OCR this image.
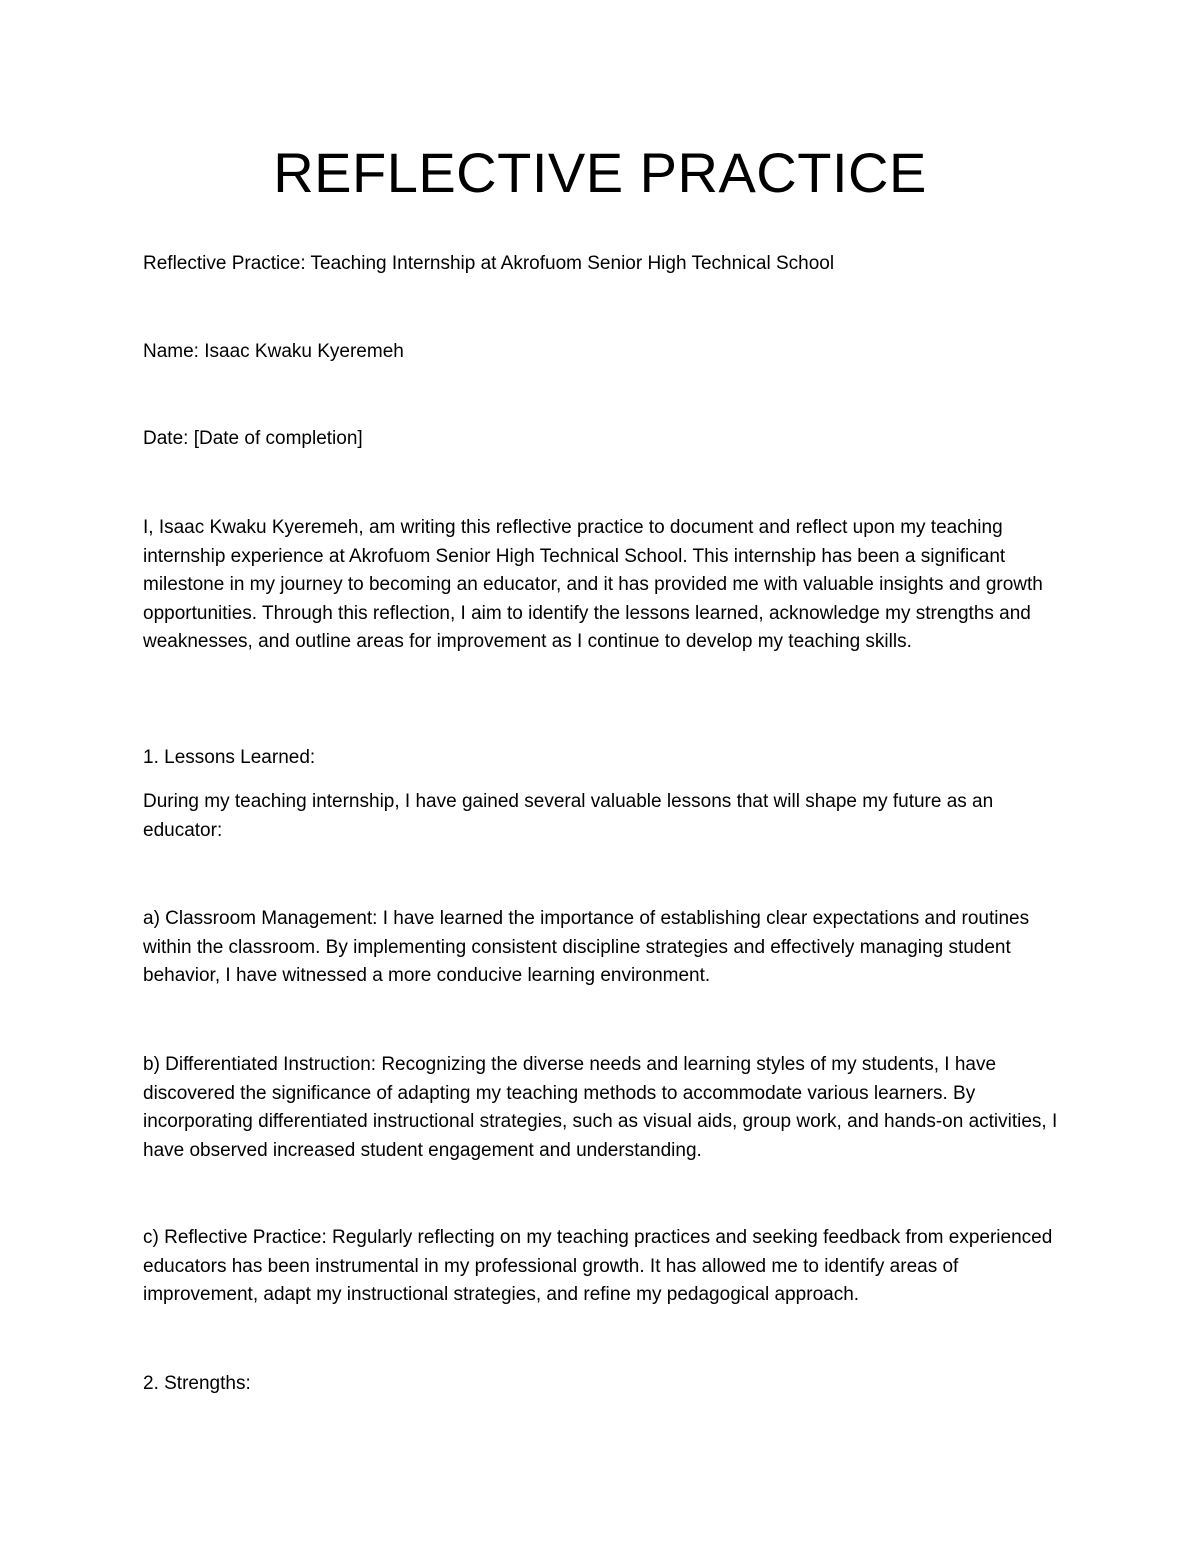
REFLECTIVE PRACTICE

Reflective Practice: Teaching Internship at Akrofuom Senior High Technical School

Name: Isaac Kwaku Kyeremeh

Date: [Date of completion]

I, Isaac Kwaku Kyeremeh, am writing this reflective practice to document and reflect upon my teaching internship experience at Akrofuom Senior High Technical School. This internship has been a significant milestone in my journey to becoming an educator, and it has provided me with valuable insights and growth opportunities. Through this reflection, I aim to identify the lessons learned, acknowledge my strengths and weaknesses, and outline areas for improvement as I continue to develop my teaching skills.

1. Lessons Learned:

During my teaching internship, I have gained several valuable lessons that will shape my future as an educator:

a) Classroom Management: I have learned the importance of establishing clear expectations and routines within the classroom. By implementing consistent discipline strategies and effectively managing student behavior, I have witnessed a more conducive learning environment.

b) Differentiated Instruction: Recognizing the diverse needs and learning styles of my students, I have discovered the significance of adapting my teaching methods to accommodate various learners. By incorporating differentiated instructional strategies, such as visual aids, group work, and hands-on activities, I have observed increased student engagement and understanding.

c) Reflective Practice: Regularly reflecting on my teaching practices and seeking feedback from experienced educators has been instrumental in my professional growth. It has allowed me to identify areas of improvement, adapt my instructional strategies, and refine my pedagogical approach.

2. Strengths:
